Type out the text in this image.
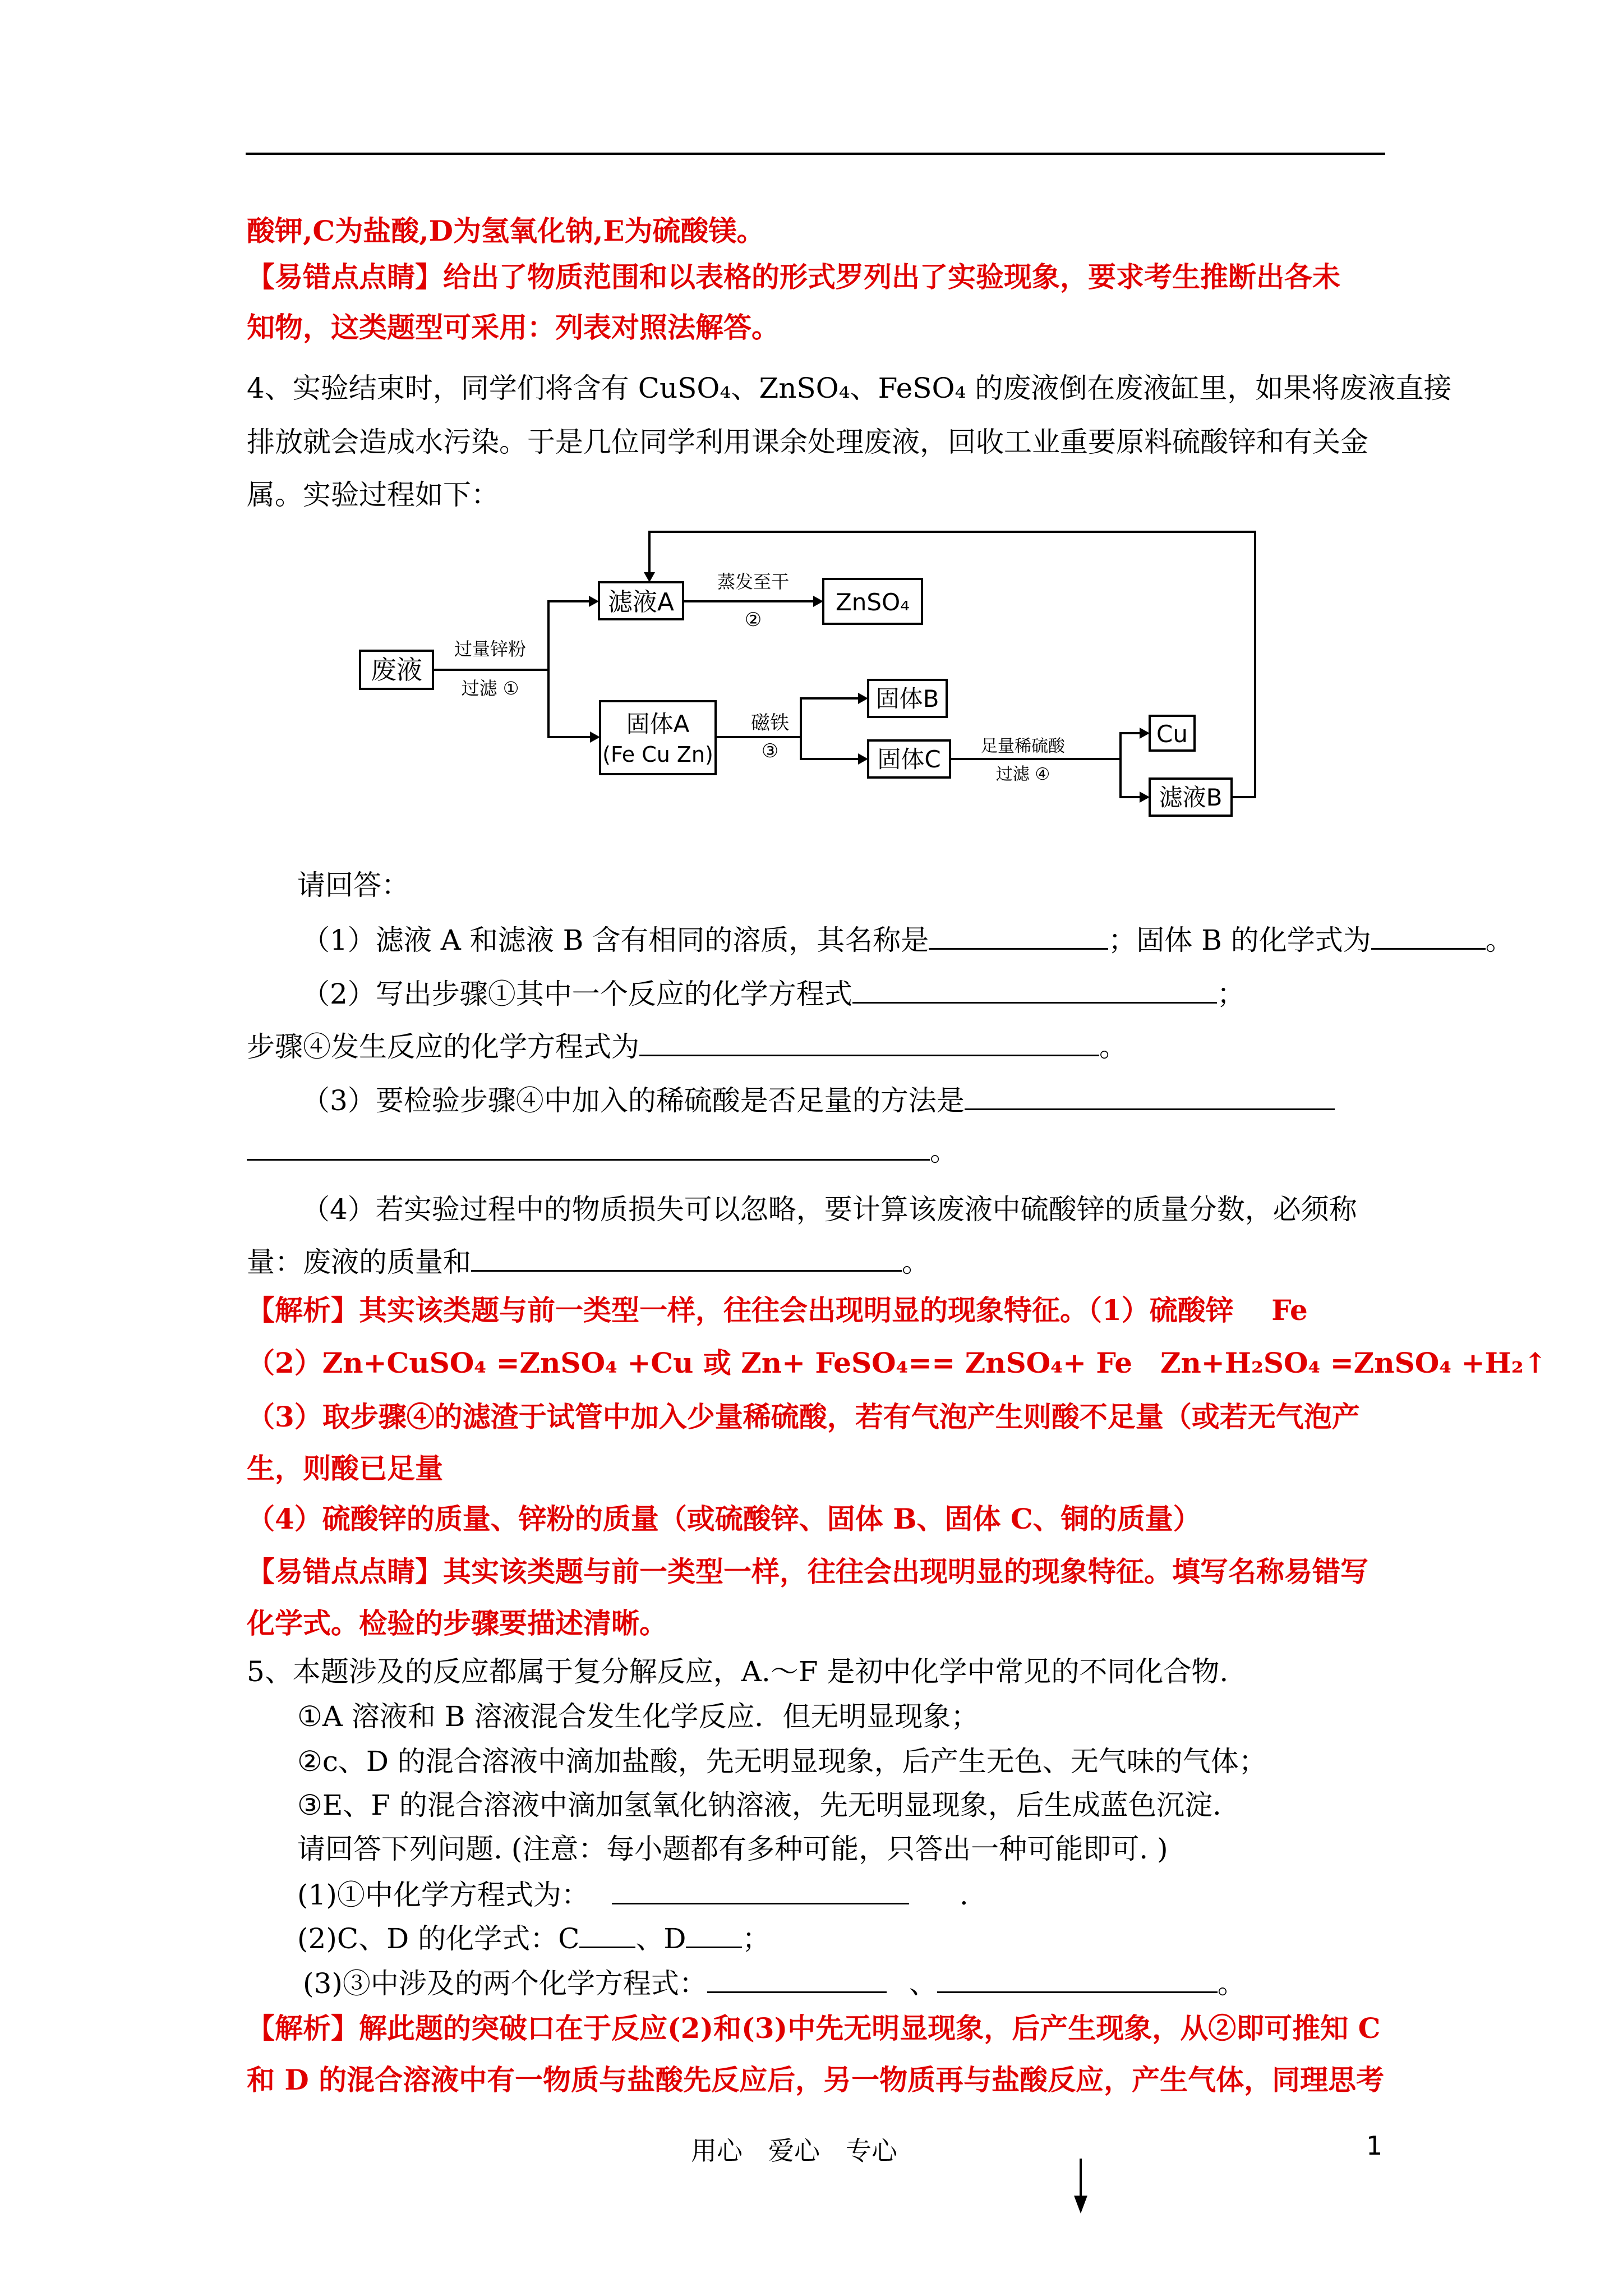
酸钾,C为盐酸,D为氢氧化钠,E为硫酸镁。
【易错点点睛】给出了物质范围和以表格的形式罗列出了实验现象，要求考生推断出各未
知物，这类题型可采用：列表对照法解答。
4、实验结束时，同学们将含有 CuSO₄、ZnSO₄、FeSO₄ 的废液倒在废液缸里，如果将废液直接
排放就会造成水污染。于是几位同学利用课余处理废液，回收工业重要原料硫酸锌和有关金
属。实验过程如下：
废液
过量锌粉
过滤 ①
滤液A
蒸发至干
②
ZnSO₄
固体A
(Fe Cu Zn)
磁铁
③
固体B
固体C 足量稀硫酸
过滤 ④
Cu
滤液B
请回答：
（1）滤液 A 和滤液 B 含有相同的溶质，其名称是	；固体 B 的化学式为	。
（2）写出步骤①其中一个反应的化学方程式	；
步骤④发生反应的化学方程式为	。
（3）要检验步骤④中加入的稀硫酸是否足量的方法是
。
（4）若实验过程中的物质损失可以忽略，要计算该废液中硫酸锌的质量分数，必须称
量：废液的质量和	。
【解析】其实该类题与前一类型一样，往往会出现明显的现象特征。（1）硫酸锌　 Fe
（2）Zn+CuSO₄ =ZnSO₄ +Cu 或 Zn+ FeSO₄== ZnSO₄+ Fe　Zn+H₂SO₄ =ZnSO₄ +H₂↑
（3）取步骤④的滤渣于试管中加入少量稀硫酸，若有气泡产生则酸不足量（或若无气泡产
生，则酸已足量
（4）硫酸锌的质量、锌粉的质量（或硫酸锌、固体 B、固体 C、铜的质量）
【易错点点睛】其实该类题与前一类型一样，往往会出现明显的现象特征。填写名称易错写
化学式。检验的步骤要描述清晰。
5、本题涉及的反应都属于复分解反应，A.～F 是初中化学中常见的不同化合物.
①A 溶液和 B 溶液混合发生化学反应．但无明显现象；
②c、D 的混合溶液中滴加盐酸，先无明显现象，后产生无色、无气味的气体；
③E、F 的混合溶液中滴加氢氧化钠溶液，先无明显现象，后生成蓝色沉淀.
请回答下列问题. (注意：每小题都有多种可能，只答出一种可能即可. )
(1)①中化学方程式为：	.
(2)C、D 的化学式：C 、D ；
(3)③中涉及的两个化学方程式：	、	。
【解析】解此题的突破口在于反应(2)和(3)中先无明显现象，后产生现象，从②即可推知 C
和 D 的混合溶液中有一物质与盐酸先反应后，另一物质再与盐酸反应，产生气体，同理思考
用心　爱心　专心	1
